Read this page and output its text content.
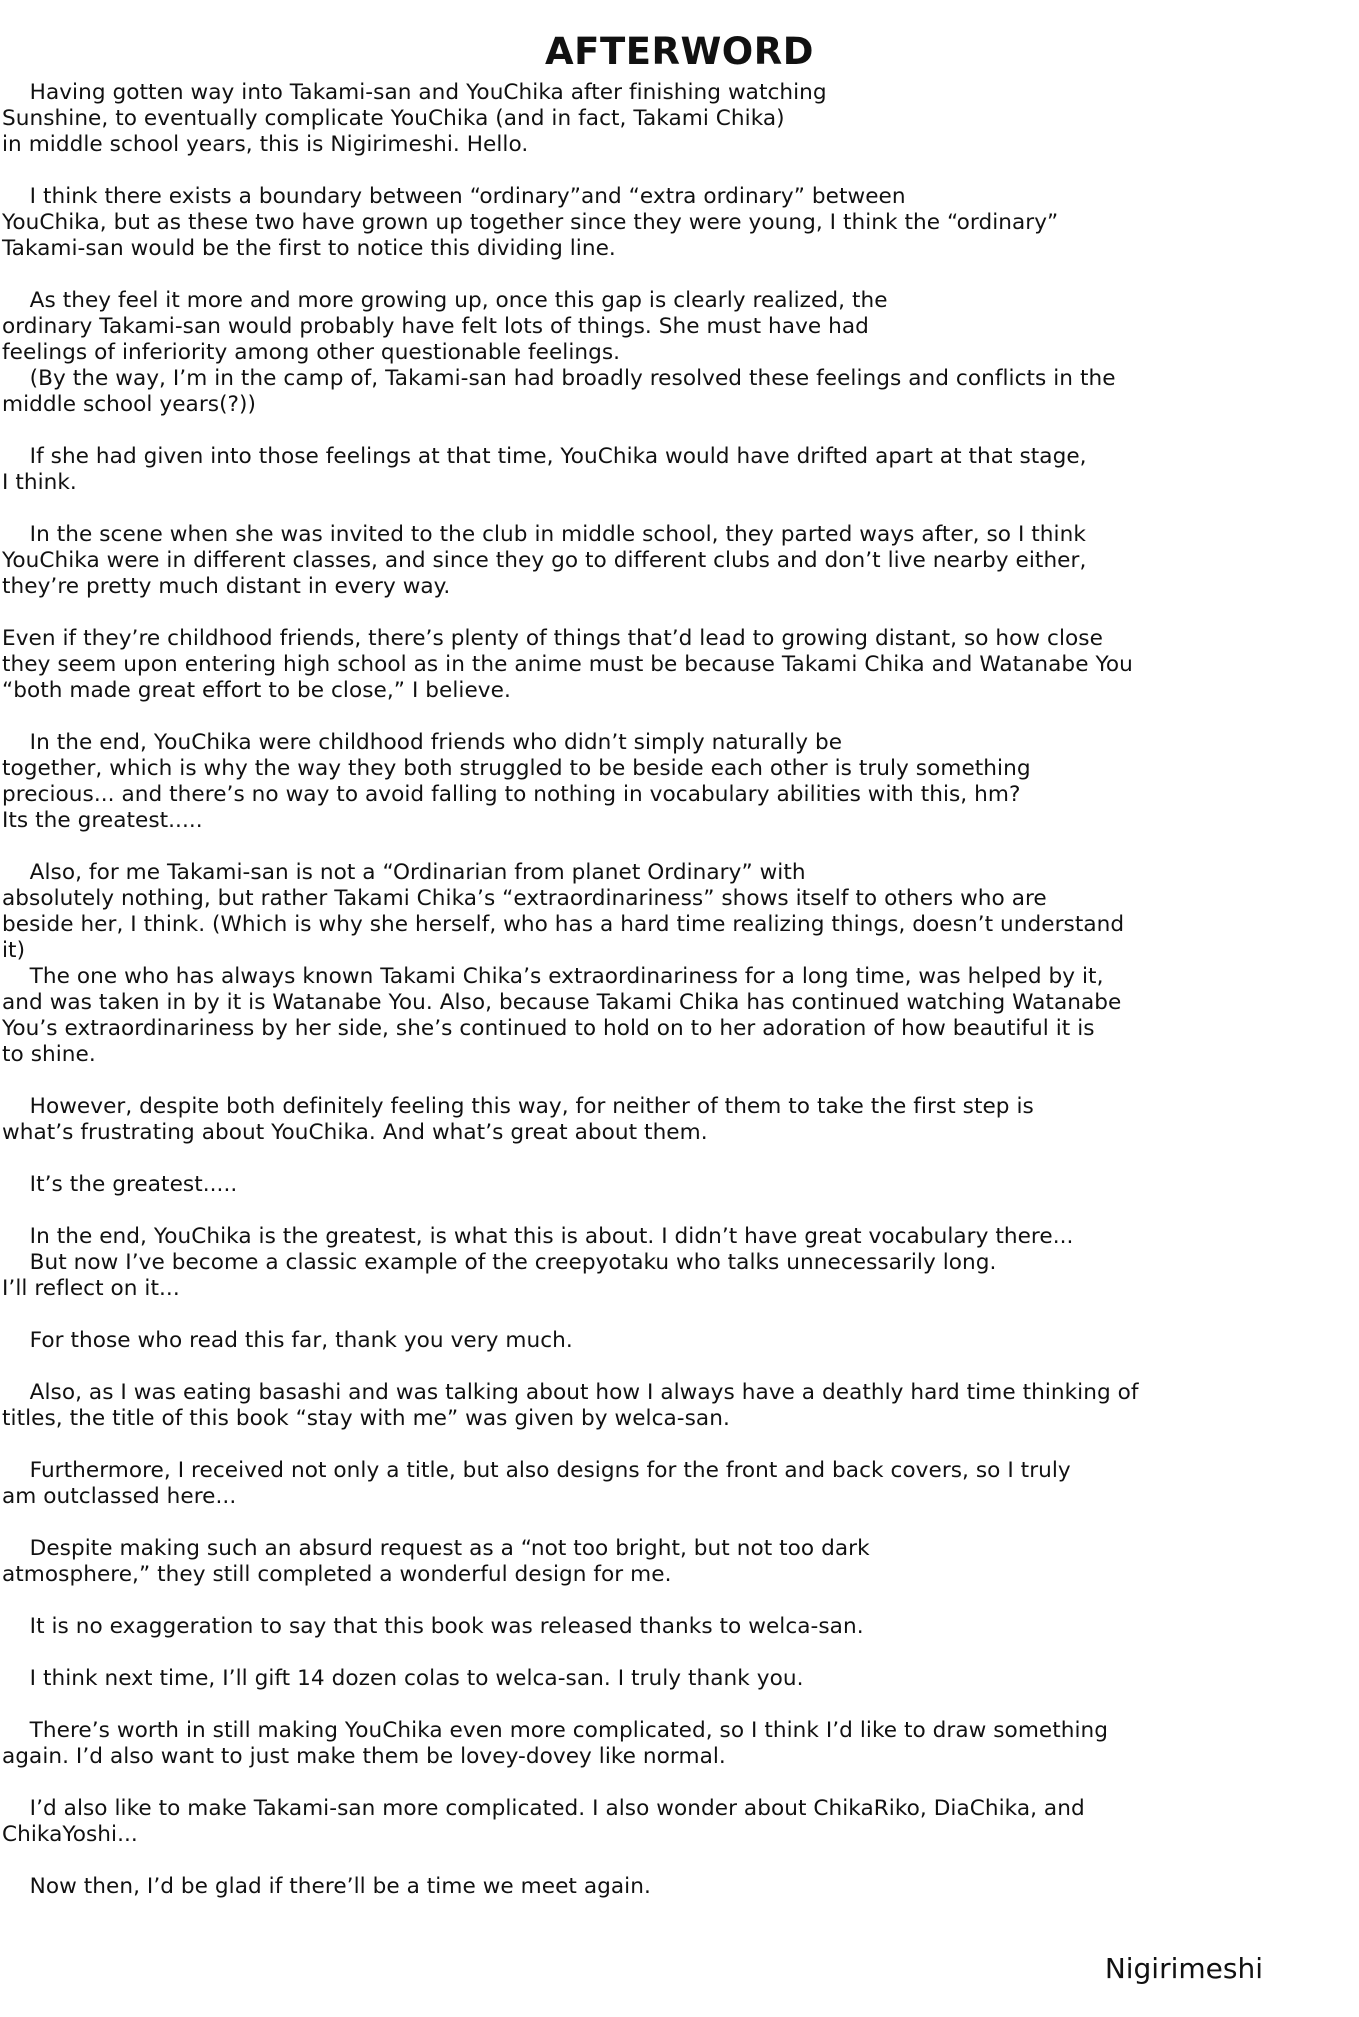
AFTERWORD
Having gotten way into Takami-san and YouChika after finishing watching
Sunshine, to eventually complicate YouChika (and in fact, Takami Chika)
in middle school years, this is Nigirimeshi. Hello.
I think there exists a boundary between “ordinary”and “extra ordinary” between
YouChika, but as these two have grown up together since they were young, I think the “ordinary”
Takami-san would be the first to notice this dividing line.
As they feel it more and more growing up, once this gap is clearly realized, the
ordinary Takami-san would probably have felt lots of things. She must have had
feelings of inferiority among other questionable feelings.
(By the way, I’m in the camp of, Takami-san had broadly resolved these feelings and conflicts in the
middle school years(?))
If she had given into those feelings at that time, YouChika would have drifted apart at that stage,
I think.
In the scene when she was invited to the club in middle school, they parted ways after, so I think
YouChika were in different classes, and since they go to different clubs and don’t live nearby either,
they’re pretty much distant in every way.
Even if they’re childhood friends, there’s plenty of things that’d lead to growing distant, so how close
they seem upon entering high school as in the anime must be because Takami Chika and Watanabe You
“both made great effort to be close,” I believe.
In the end, YouChika were childhood friends who didn’t simply naturally be
together, which is why the way they both struggled to be beside each other is truly something
precious... and there’s no way to avoid falling to nothing in vocabulary abilities with this, hm?
Its the greatest.....
Also, for me Takami-san is not a “Ordinarian from planet Ordinary” with
absolutely nothing, but rather Takami Chika’s “extraordinariness” shows itself to others who are
beside her, I think. (Which is why she herself, who has a hard time realizing things, doesn’t understand
it)
The one who has always known Takami Chika’s extraordinariness for a long time, was helped by it,
and was taken in by it is Watanabe You. Also, because Takami Chika has continued watching Watanabe
You’s extraordinariness by her side, she’s continued to hold on to her adoration of how beautiful it is
to shine.
However, despite both definitely feeling this way, for neither of them to take the first step is
what’s frustrating about YouChika. And what’s great about them.
It’s the greatest.....
In the end, YouChika is the greatest, is what this is about. I didn’t have great vocabulary there...
But now I’ve become a classic example of the creepyotaku who talks unnecessarily long.
I’ll reflect on it...
For those who read this far, thank you very much.
Also, as I was eating basashi and was talking about how I always have a deathly hard time thinking of
titles, the title of this book “stay with me” was given by welca-san.
Furthermore, I received not only a title, but also designs for the front and back covers, so I truly
am outclassed here...
Despite making such an absurd request as a “not too bright, but not too dark
atmosphere,” they still completed a wonderful design for me.
It is no exaggeration to say that this book was released thanks to welca-san.
I think next time, I’ll gift 14 dozen colas to welca-san. I truly thank you.
There’s worth in still making YouChika even more complicated, so I think I’d like to draw something
again. I’d also want to just make them be lovey-dovey like normal.
I’d also like to make Takami-san more complicated. I also wonder about ChikaRiko, DiaChika, and
ChikaYoshi...
Now then, I’d be glad if there’ll be a time we meet again.
Nigirimeshi
